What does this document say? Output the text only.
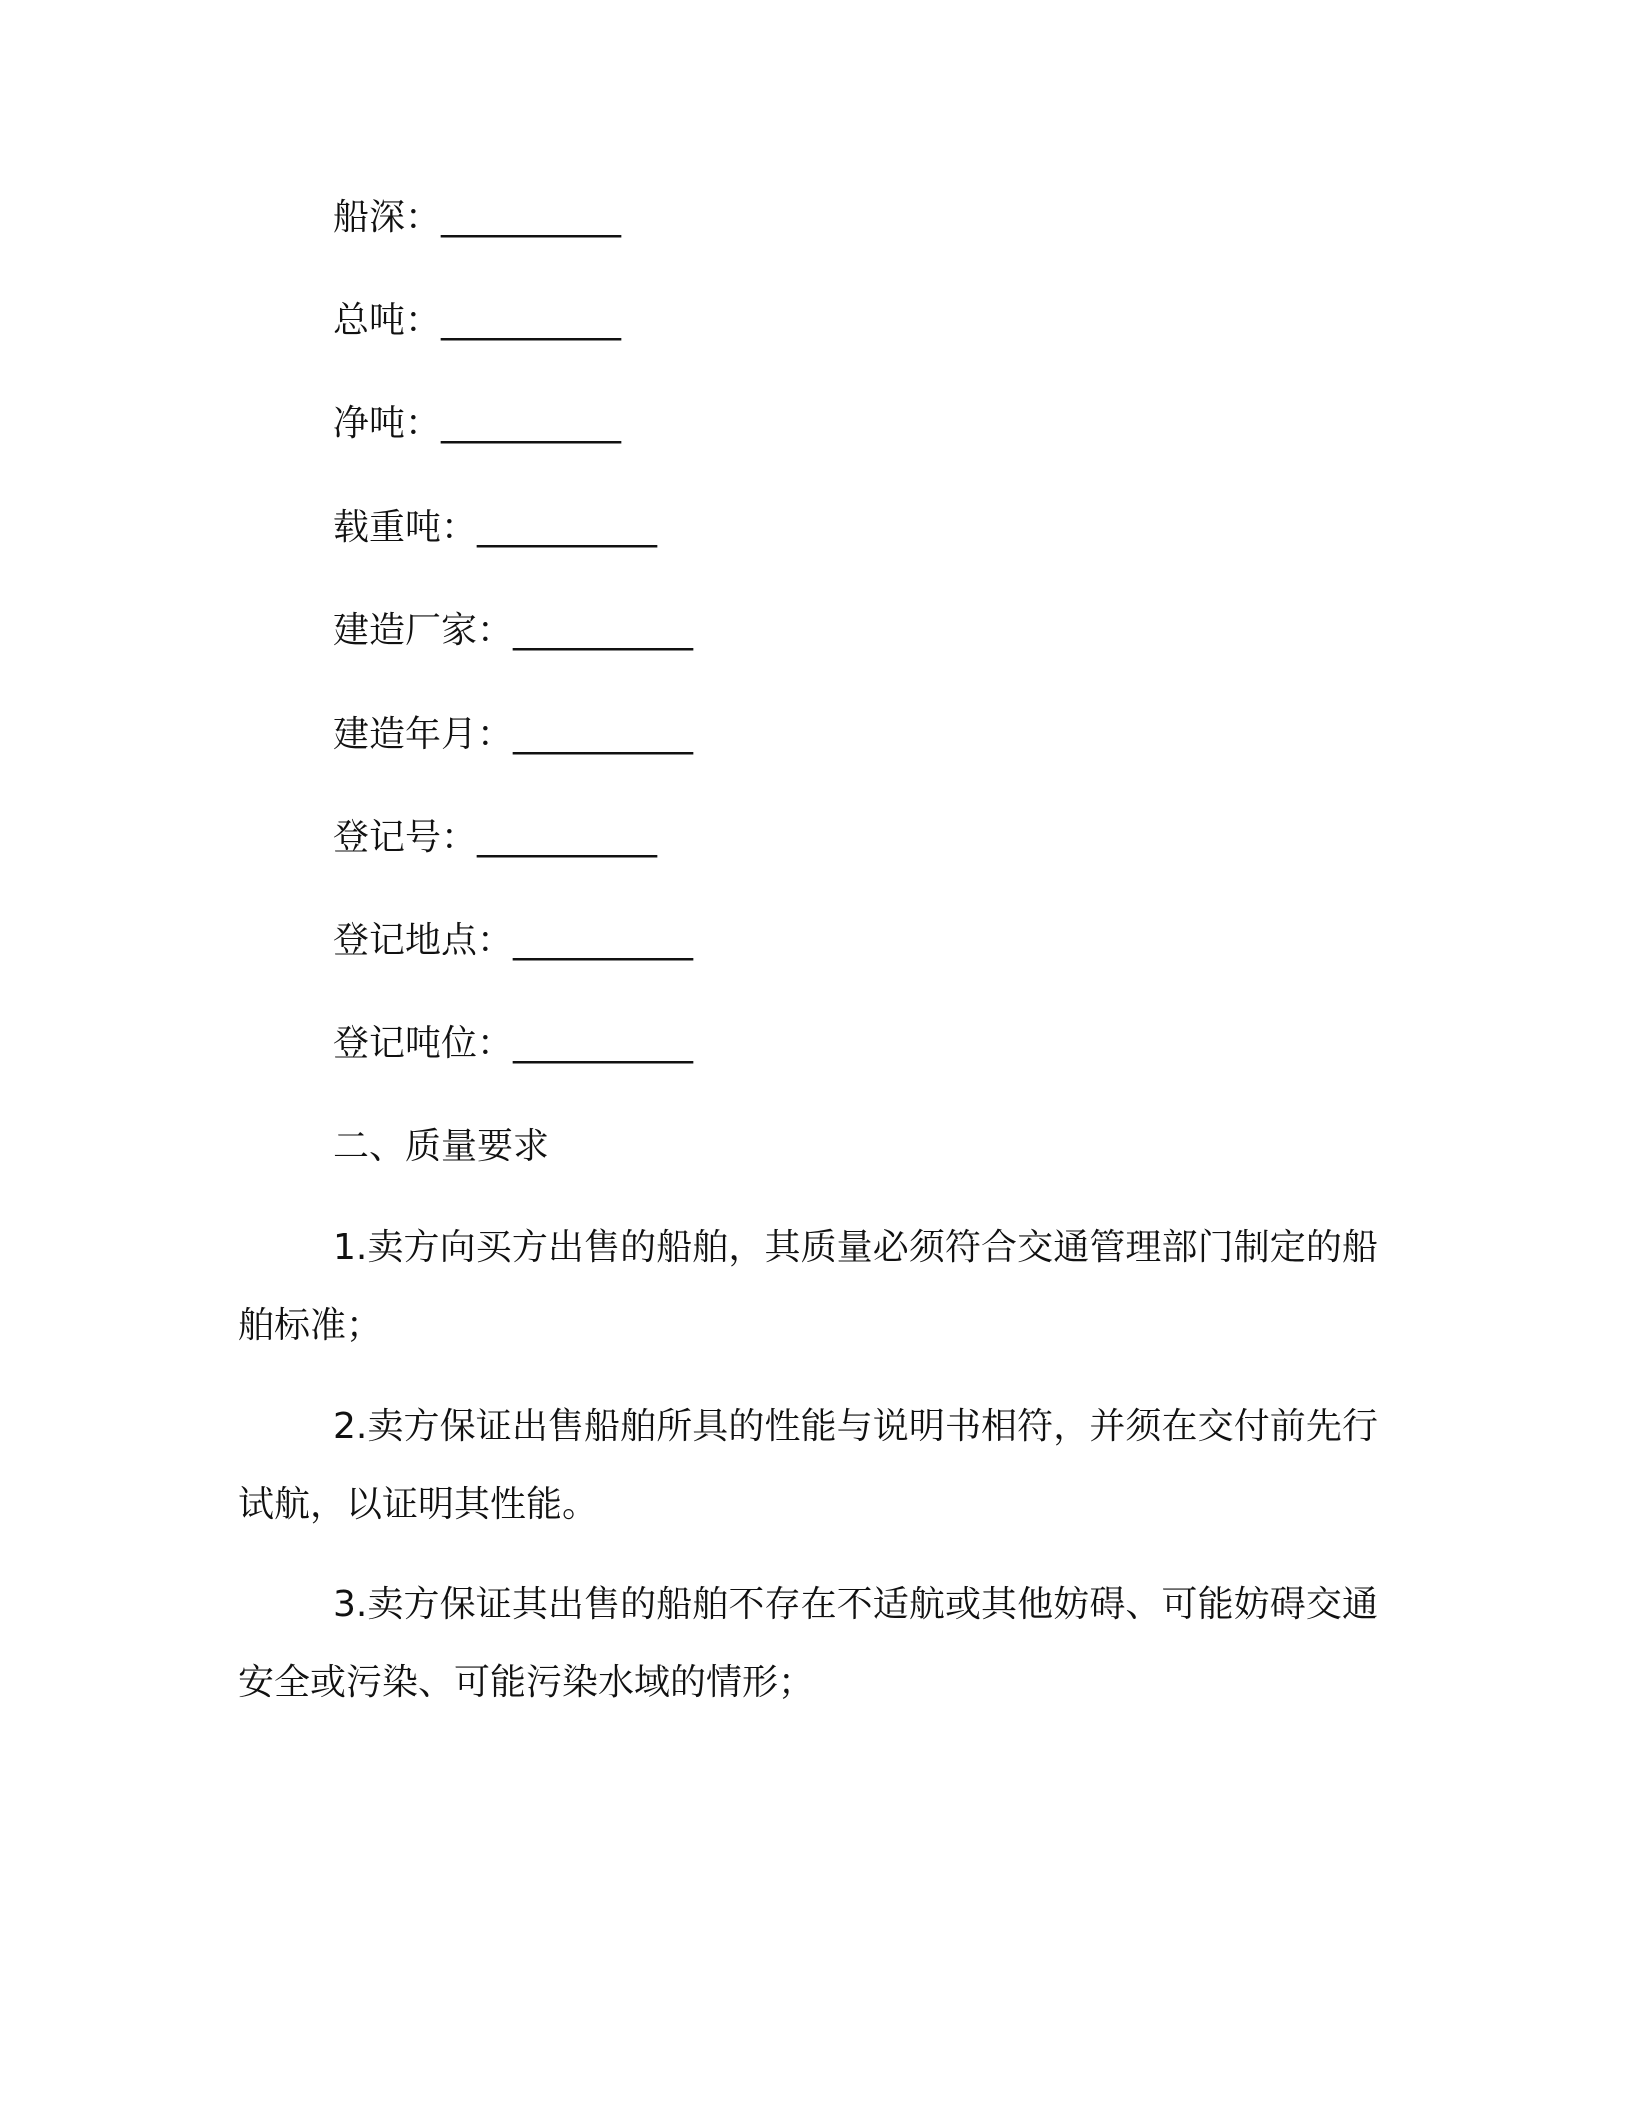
船深：__________
总吨：__________
净吨：__________
载重吨：__________
建造厂家：__________
建造年月：__________
登记号：__________
登记地点：__________
登记吨位：__________
二、质量要求

1.卖方向买方出售的船舶，其质量必须符合交通管理部门制定的船舶标准；

2.卖方保证出售船舶所具的性能与说明书相符，并须在交付前先行试航，以证明其性能。

3.卖方保证其出售的船舶不存在不适航或其他妨碍、可能妨碍交通安全或污染、可能污染水域的情形；
